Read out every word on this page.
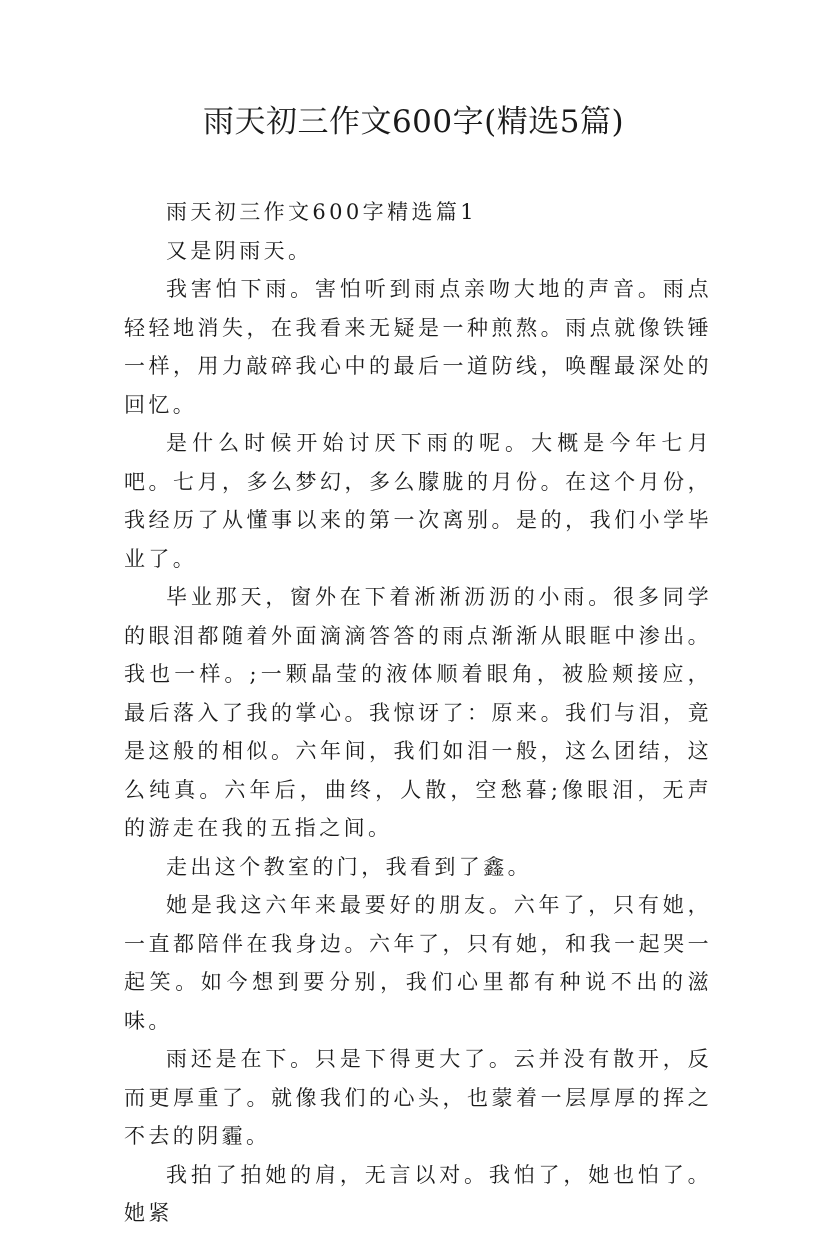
雨天初三作文600字(精选5篇)

雨天初三作文600字精选篇1

又是阴雨天。

我害怕下雨。害怕听到雨点亲吻大地的声音。雨点轻轻地消失，在我看来无疑是一种煎熬。雨点就像铁锤一样，用力敲碎我心中的最后一道防线，唤醒最深处的回忆。

是什么时候开始讨厌下雨的呢。大概是今年七月吧。七月，多么梦幻，多么朦胧的月份。在这个月份，我经历了从懂事以来的第一次离别。是的，我们小学毕业了。

毕业那天，窗外在下着淅淅沥沥的小雨。很多同学的眼泪都随着外面滴滴答答的雨点渐渐从眼眶中渗出。我也一样。;一颗晶莹的液体顺着眼角，被脸颊接应，最后落入了我的掌心。我惊讶了：原来。我们与泪，竟是这般的相似。六年间，我们如泪一般，这么团结，这么纯真。六年后，曲终，人散，空愁暮;像眼泪，无声的游走在我的五指之间。

走出这个教室的门，我看到了鑫。

她是我这六年来最要好的朋友。六年了，只有她，一直都陪伴在我身边。六年了，只有她，和我一起哭一起笑。如今想到要分别，我们心里都有种说不出的滋味。

雨还是在下。只是下得更大了。云并没有散开，反而更厚重了。就像我们的心头，也蒙着一层厚厚的挥之不去的阴霾。

我拍了拍她的肩，无言以对。我怕了，她也怕了。她紧
